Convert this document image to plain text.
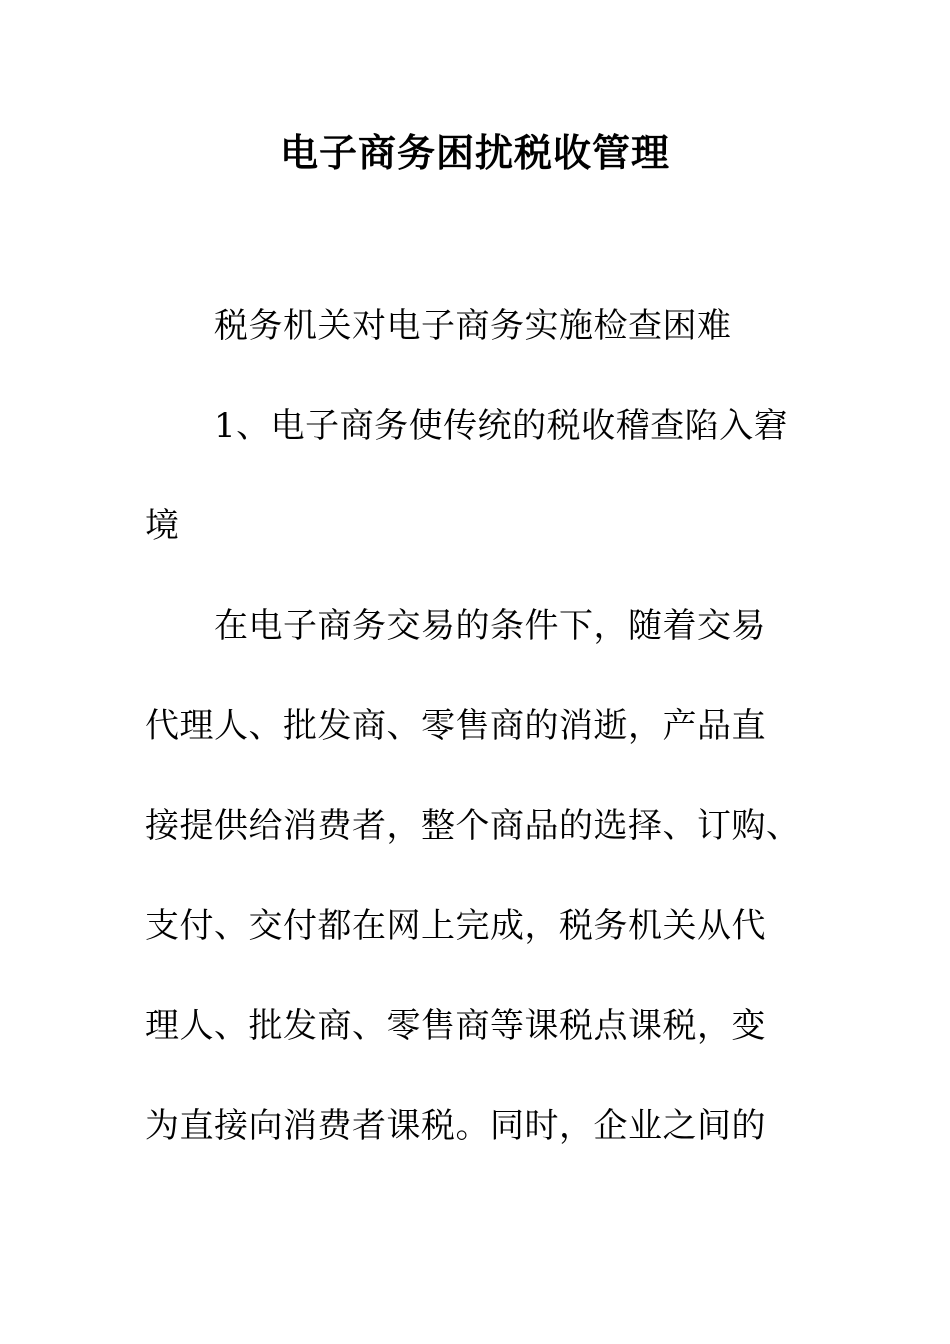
电子商务困扰税收管理
税务机关对电子商务实施检查困难
1、电子商务使传统的税收稽查陷入窘
境
在电子商务交易的条件下，随着交易
代理人、批发商、零售商的消逝，产品直
接提供给消费者，整个商品的选择、订购、
支付、交付都在网上完成，税务机关从代
理人、批发商、零售商等课税点课税，变
为直接向消费者课税。同时，企业之间的
